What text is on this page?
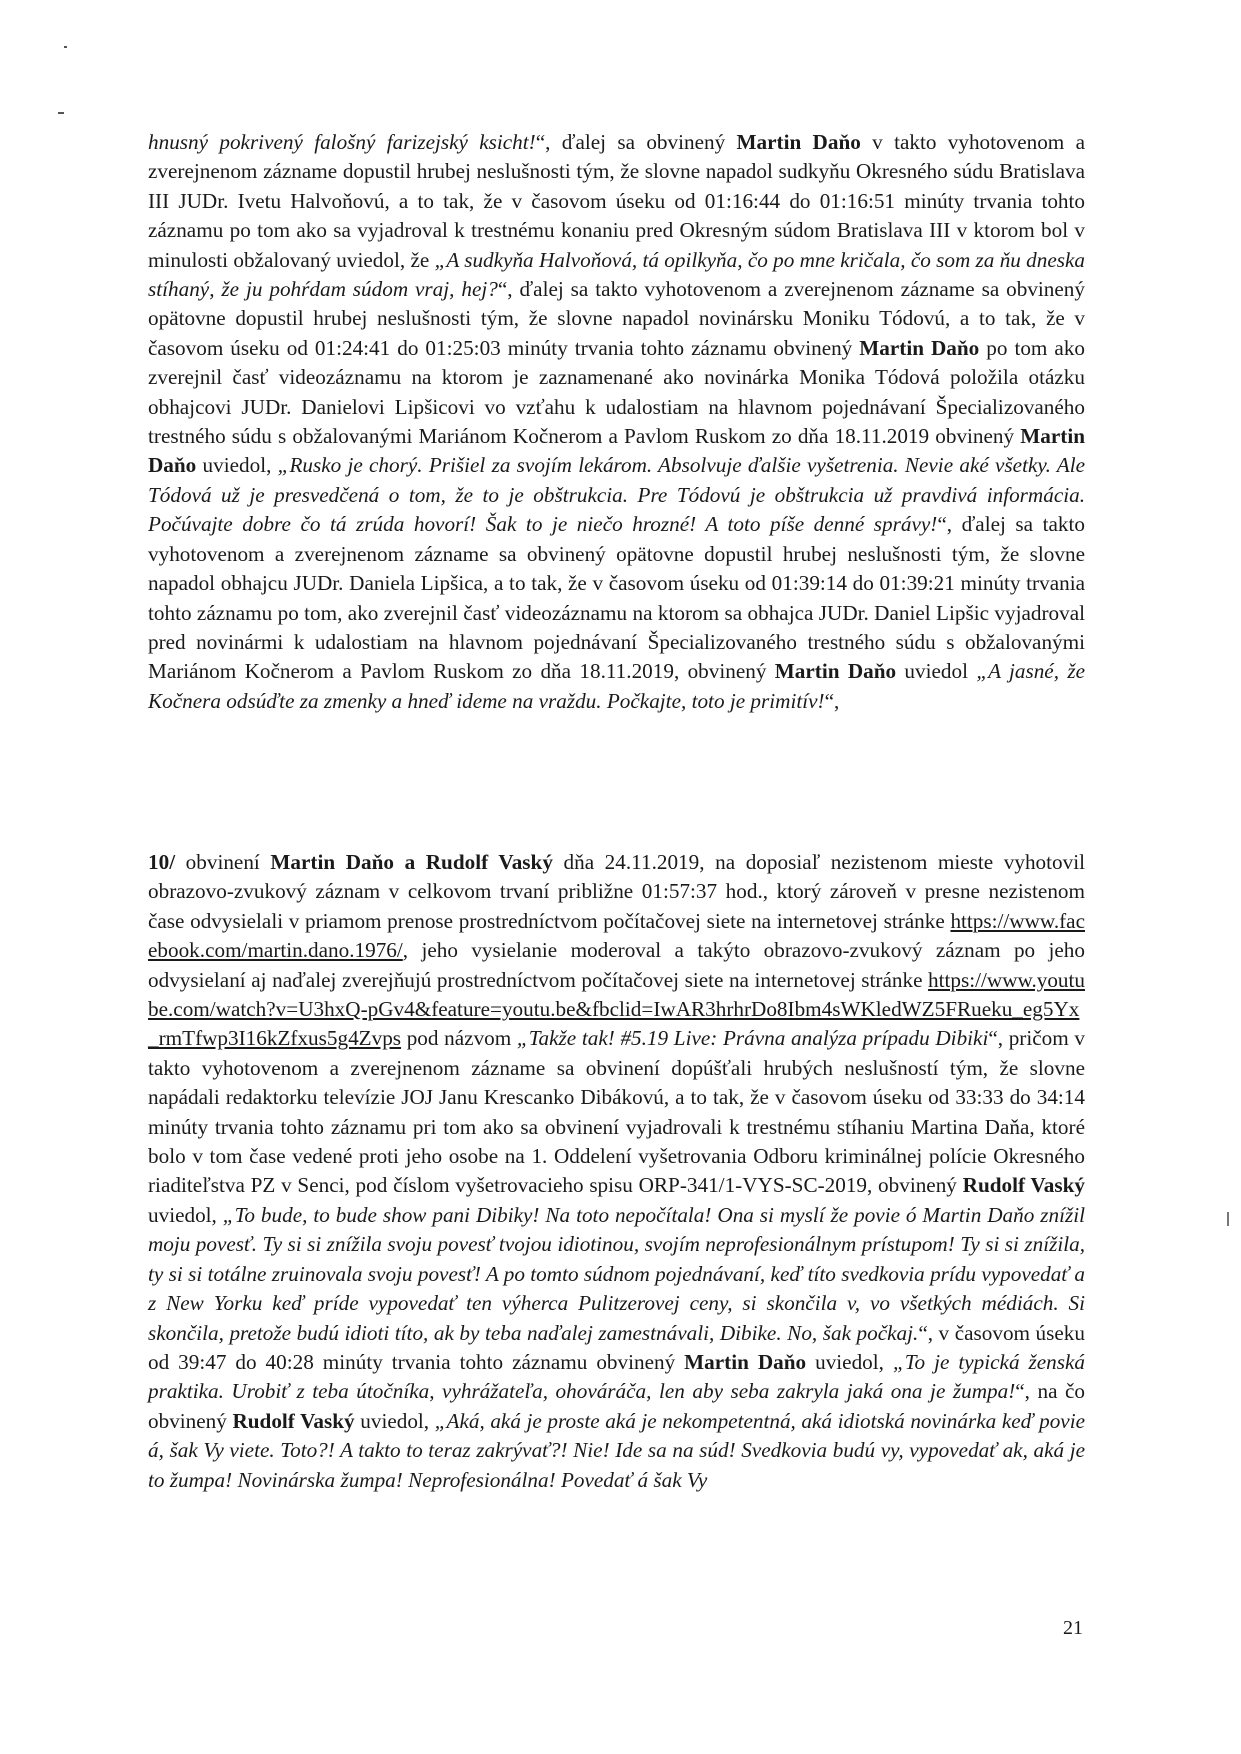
hnusný pokrivený falošný farizejský ksicht!“, ďalej sa obvinený Martin Daňo v takto vyhotovenom a zverejnenom zázname dopustil hrubej neslušnosti tým, že slovne napadol sudkyňu Okresného súdu Bratislava III JUDr. Ivetu Halvoňovú, a to tak, že v časovom úseku od 01:16:44 do 01:16:51 minúty trvania tohto záznamu po tom ako sa vyjadroval k trestnému konaniu pred Okresným súdom Bratislava III v ktorom bol v minulosti obžalovaný uviedol, že „A sudkyňa Halvoňová, tá opilkyňa, čo po mne kričala, čo som za ňu dneska stíhaný, že ju pohŕdam súdom vraj, hej?“, ďalej sa takto vyhotovenom a zverejnenom zázname sa obvinený opätovne dopustil hrubej neslušnosti tým, že slovne napadol novinársku Moniku Tódovú, a to tak, že v časovom úseku od 01:24:41 do 01:25:03 minúty trvania tohto záznamu obvinený Martin Daňo po tom ako zverejnil časť videozáznamu na ktorom je zaznamenané ako novinárka Monika Tódová položila otázku obhajcovi JUDr. Danielovi Lipšicovi vo vzťahu k udalostiam na hlavnom pojednávaní Špecializovaného trestného súdu s obžalovanými Mariánom Kočnerom a Pavlom Ruskom zo dňa 18.11.2019 obvinený Martin Daňo uviedol, „Rusko je chorý. Prišiel za svojím lekárom. Absolvuje ďalšie vyšetrenia. Nevie aké všetky. Ale Tódová už je presvedčená o tom, že to je obštrukcia. Pre Tódovú je obštrukcia už pravdivá informácia. Počúvajte dobre čo tá zrúda hovorí! Šak to je niečo hrozné! A toto píše denné správy!“, ďalej sa takto vyhotovenom a zverejnenom zázname sa obvinený opätovne dopustil hrubej neslušnosti tým, že slovne napadol obhajcu JUDr. Daniela Lipšica, a to tak, že v časovom úseku od 01:39:14 do 01:39:21 minúty trvania tohto záznamu po tom, ako zverejnil časť videozáznamu na ktorom sa obhajca JUDr. Daniel Lipšic vyjadroval pred novinármi k udalostiam na hlavnom pojednávaní Špecializovaného trestného súdu s obžalovanými Mariánom Kočnerom a Pavlom Ruskom zo dňa 18.11.2019, obvinený Martin Daňo uviedol „A jasné, že Kočnera odsúďte za zmenky a hneď ideme na vraždu. Počkajte, toto je primitív!“,

10/ obvinení Martin Daňo a Rudolf Vaský dňa 24.11.2019, na doposiaľ nezistenom mieste vyhotovil obrazovo-zvukový záznam v celkovom trvaní približne 01:57:37 hod., ktorý zároveň v presne nezistenom čase odvysielali v priamom prenose prostredníctvom počítačovej siete na internetovej stránke https://www.facebook.com/martin.dano.1976/, jeho vysielanie moderoval a takýto obrazovo-zvukový záznam po jeho odvysielaní aj naďalej zverejňujú prostredníctvom počítačovej siete na internetovej stránke https://www.youtube.com/watch?v=U3hxQ-pGv4&feature=youtu.be&fbclid=IwAR3hrhrDo8Ibm4sWKledWZ5FRueku_eg5Yx_rmTfwp3I16kZfxus5g4Zvps pod názvom „Takže tak! #5.19 Live: Právna analýza prípadu Dibiki“, pričom v takto vyhotovenom a zverejnenom zázname sa obvinení dopúšťali hrubých neslušností tým, že slovne napádali redaktorku televízie JOJ Janu Krescanko Dibákovú, a to tak, že v časovom úseku od 33:33 do 34:14 minúty trvania tohto záznamu pri tom ako sa obvinení vyjadrovali k trestnému stíhaniu Martina Daňa, ktoré bolo v tom čase vedené proti jeho osobe na 1. Oddelení vyšetrovania Odboru kriminálnej polície Okresného riaditeľstva PZ v Senci, pod číslom vyšetrovacieho spisu ORP-341/1-VYS-SC-2019, obvinený Rudolf Vaský uviedol, „To bude, to bude show pani Dibiky! Na toto nepočítala! Ona si myslí že povie ó Martin Daňo znížil moju povesť. Ty si si znížila svoju povesť tvojou idiotinou, svojím neprofesionálnym prístupom! Ty si si znížila, ty si si totálne zruinovala svoju povesť! A po tomto súdnom pojednávaní, keď títo svedkovia prídu vypovedať a z New Yorku keď príde vypovedať ten výherca Pulitzerovej ceny, si skončila v, vo všetkých médiách. Si skončila, pretože budú idioti títo, ak by teba naďalej zamestnávali, Dibike. No, šak počkaj.“, v časovom úseku od 39:47 do 40:28 minúty trvania tohto záznamu obvinený Martin Daňo uviedol, „To je typická ženská praktika. Urobiť z teba útočníka, vyhrážateľa, ohováráča, len aby seba zakryla jaká ona je žumpa!“, na čo obvinený Rudolf Vaský uviedol, „Aká, aká je proste aká je nekompetentná, aká idiotská novinárka keď povie á, šak Vy viete. Toto?! A takto to teraz zakrývať?! Nie! Ide sa na súd! Svedkovia budú vy, vypovedať ak, aká je to žumpa! Novinárska žumpa! Neprofesionálna! Povedať á šak Vy

21
